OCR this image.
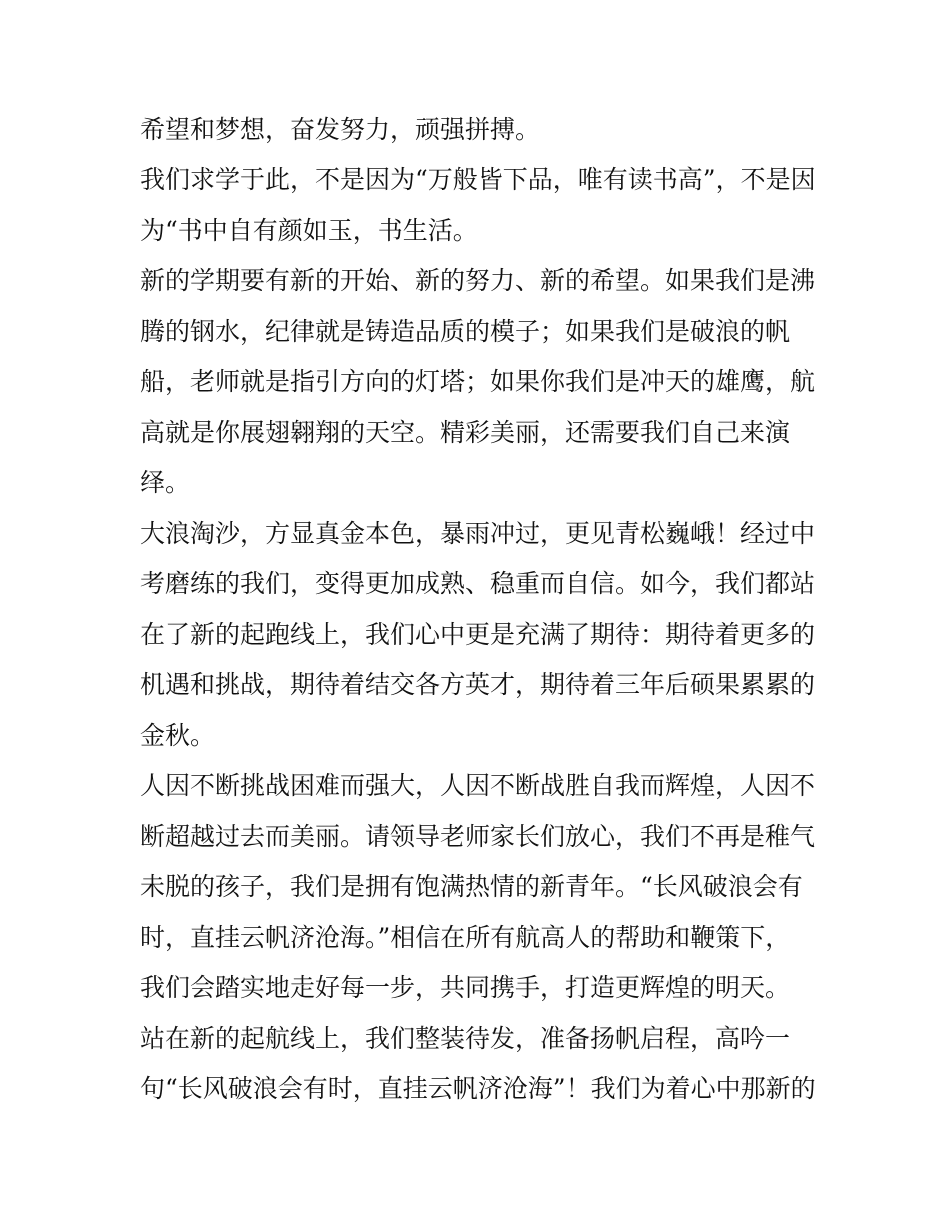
希望和梦想，奋发努力，顽强拼搏。
我们求学于此，不是因为“万般皆下品，唯有读书高”，不是因
为“书中自有颜如玉，书生活。
新的学期要有新的开始、新的努力、新的希望。如果我们是沸
腾的钢水，纪律就是铸造品质的模子；如果我们是破浪的帆
船，老师就是指引方向的灯塔；如果你我们是冲天的雄鹰，航
高就是你展翅翱翔的天空。精彩美丽，还需要我们自己来演
绎。
大浪淘沙，方显真金本色，暴雨冲过，更见青松巍峨！经过中
考磨练的我们，变得更加成熟、稳重而自信。如今，我们都站
在了新的起跑线上，我们心中更是充满了期待：期待着更多的
机遇和挑战，期待着结交各方英才，期待着三年后硕果累累的
金秋。
人因不断挑战困难而强大，人因不断战胜自我而辉煌，人因不
断超越过去而美丽。请领导老师家长们放心，我们不再是稚气
未脱的孩子，我们是拥有饱满热情的新青年。“长风破浪会有
时，直挂云帆济沧海。”相信在所有航高人的帮助和鞭策下，
我们会踏实地走好每一步，共同携手，打造更辉煌的明天。
站在新的起航线上，我们整装待发，准备扬帆启程，高吟一
句“长风破浪会有时，直挂云帆济沧海”！我们为着心中那新的
